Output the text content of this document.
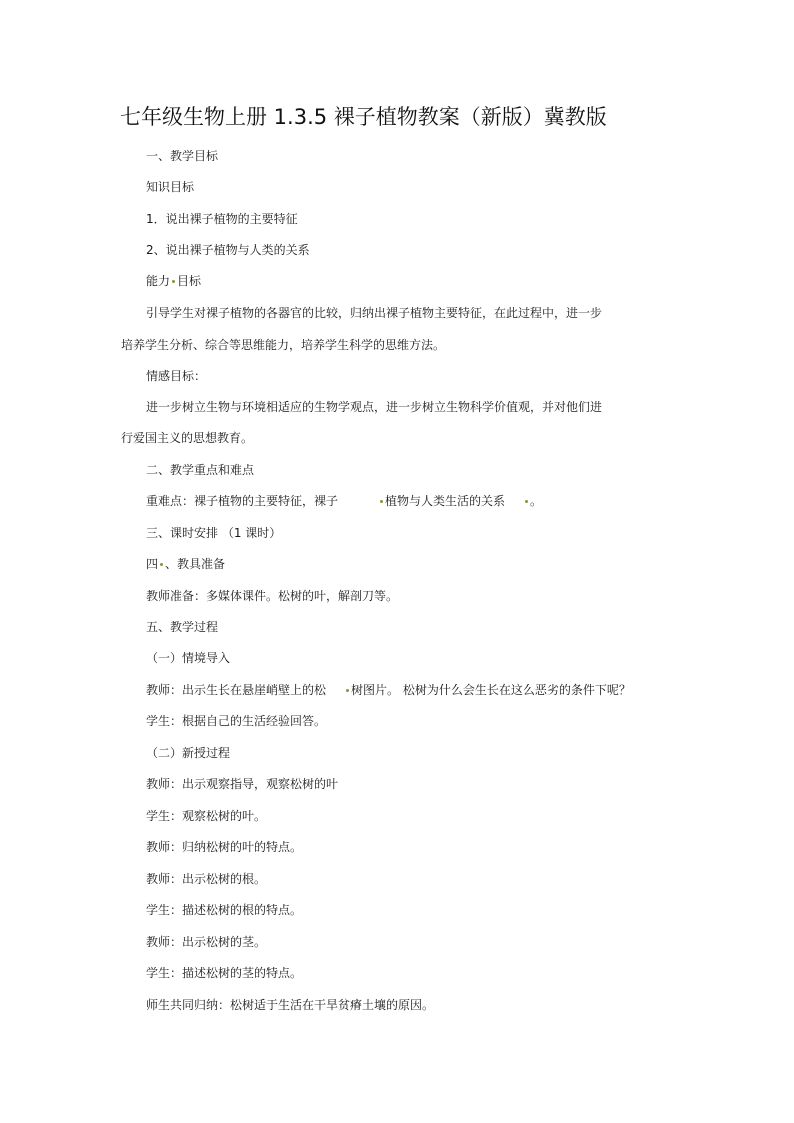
七年级生物上册 1.3.5 裸子植物教案（新版）冀教版
一、教学目标
知识目标
1．说出裸子植物的主要特征
2、说出裸子植物与人类的关系
能力 目标
引导学生对裸子植物的各器官的比较，归纳出裸子植物主要特征，在此过程中，进一步
培养学生分析、综合等思维能力，培养学生科学的思维方法。
情感目标：
进一步树立生物与环境相适应的生物学观点，进一步树立生物科学价值观，并对他们进
行爱国主义的思想教育。
二、教学重点和难点
重难点：裸子植物的主要特征，裸子	植物与人类生活的关系 。
三、课时安排 （1 课时）
四 、教具准备
教师准备：多媒体课件。松树的叶，解剖刀等。
五、教学过程
（一）情境导入
教师：出示生长在悬崖峭壁上的松 树图片。 松树为什么会生长在这么恶劣的条件下呢？
学生：根据自己的生活经验回答。
（二）新授过程
教师：出示观察指导，观察松树的叶
学生：观察松树的叶。
教师：归纳松树的叶的特点。
教师：出示松树的根。
学生：描述松树的根的特点。
教师：出示松树的茎。
学生：描述松树的茎的特点。
师生共同归纳：松树适于生活在干旱贫瘠土壤的原因。
